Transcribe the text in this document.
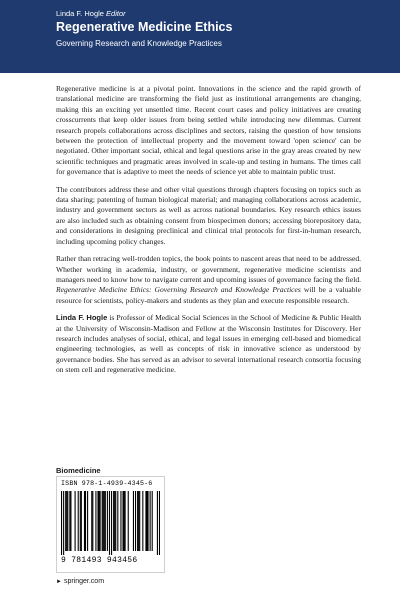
Linda F. Hogle Editor
Regenerative Medicine Ethics
Governing Research and Knowledge Practices

Regenerative medicine is at a pivotal point. Innovations in the science and the rapid growth of translational medicine are transforming the field just as institutional arrangements are changing, making this an exciting yet unsettled time. Recent court cases and policy initiatives are creating crosscurrents that keep older issues from being settled while introducing new dilemmas. Current research propels collaborations across disciplines and sectors, raising the question of how tensions between the protection of intellectual property and the movement toward 'open science' can be negotiated. Other important social, ethical and legal questions arise in the gray areas created by new scientific techniques and pragmatic areas involved in scale-up and testing in humans. The times call for governance that is adaptive to meet the needs of science yet able to maintain public trust.

The contributors address these and other vital questions through chapters focusing on topics such as data sharing; patenting of human biological material; and managing collaborations across academic, industry and government sectors as well as across national boundaries. Key research ethics issues are also included such as obtaining consent from biospecimen donors; accessing biorepository data, and considerations in designing preclinical and clinical trial protocols for first-in-human research, including upcoming policy changes.

Rather than retracing well-trodden topics, the book points to nascent areas that need to be addressed. Whether working in academia, industry, or government, regenerative medicine scientists and managers need to know how to navigate current and upcoming issues of governance facing the field. Regenerative Medicine Ethics: Governing Research and Knowledge Practices will be a valuable resource for scientists, policy-makers and students as they plan and execute responsible research.

Linda F. Hogle is Professor of Medical Social Sciences in the School of Medicine & Public Health at the University of Wisconsin-Madison and Fellow at the Wisconsin Institutes for Discovery. Her research includes analyses of social, ethical, and legal issues in emerging cell-based and biomedical engineering technologies, as well as concepts of risk in innovative science as understood by governance bodies. She has served as an advisor to several international research consortia focusing on stem cell and regenerative medicine.

Biomedicine
ISBN 978-1-4939-4345-6
9 781493 943456
► springer.com
